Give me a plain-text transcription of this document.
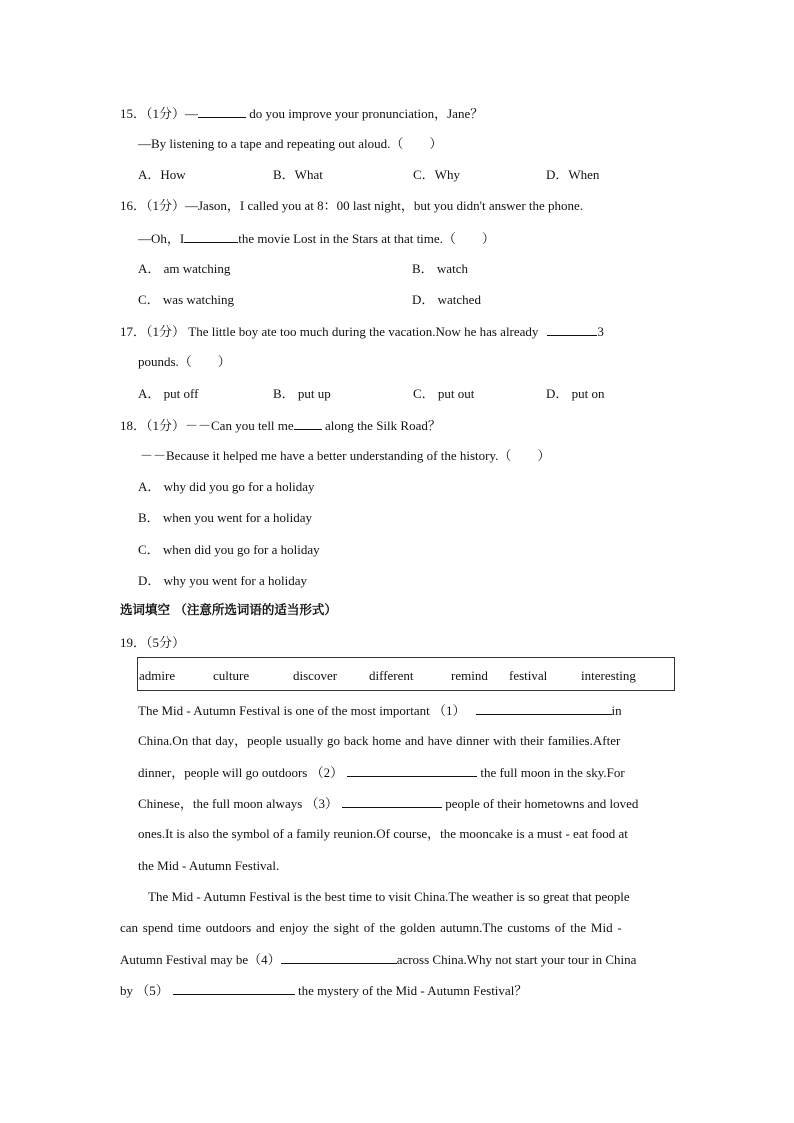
15．（1分）—	do you improve your pronunciation，Jane？
—By listening to a tape and repeating out aloud.（　　）
A．How	B．What	C．Why	D．When
16．（1分）—Jason，I called you at 8：00 last night，but you didn't answer the phone.
—Oh，I	the movie Lost in the Stars at that time.（　　）
A． am watching	B． watch
C． was watching	D． watched
17．（1分） The little boy ate too much during the vacation.Now he has already	3
pounds.（　　）
A． put off	B． put up	C． put out	D． put on
18．（1分）－－Can you tell me along the Silk Road？
－－Because it helped me have a better understanding of the history.（　　）
A． why did you go for a holiday
B． when you went for a holiday
C． when did you go for a holiday
D． why you went for a holiday
选词填空 （注意所选词语的适当形式）
19．（5分）
admire	culture	discover different	remind festival	interesting
The Mid - Autumn Festival is one of the most important （1）	in
China.On that day，people usually go back home and have dinner with their families.After
dinner，people will go outdoors （2）	the full moon in the sky.For
Chinese，the full moon always （3）	people of their hometowns and loved
ones.It is also the symbol of a family reunion.Of course，the mooncake is a must - eat food at
the Mid - Autumn Festival.
The Mid - Autumn Festival is the best time to visit China.The weather is so great that people
can spend time outdoors and enjoy the sight of the golden autumn.The customs of the Mid -
Autumn Festival may be（4）	across China.Why not start your tour in China
by （5）	the mystery of the Mid - Autumn Festival？
